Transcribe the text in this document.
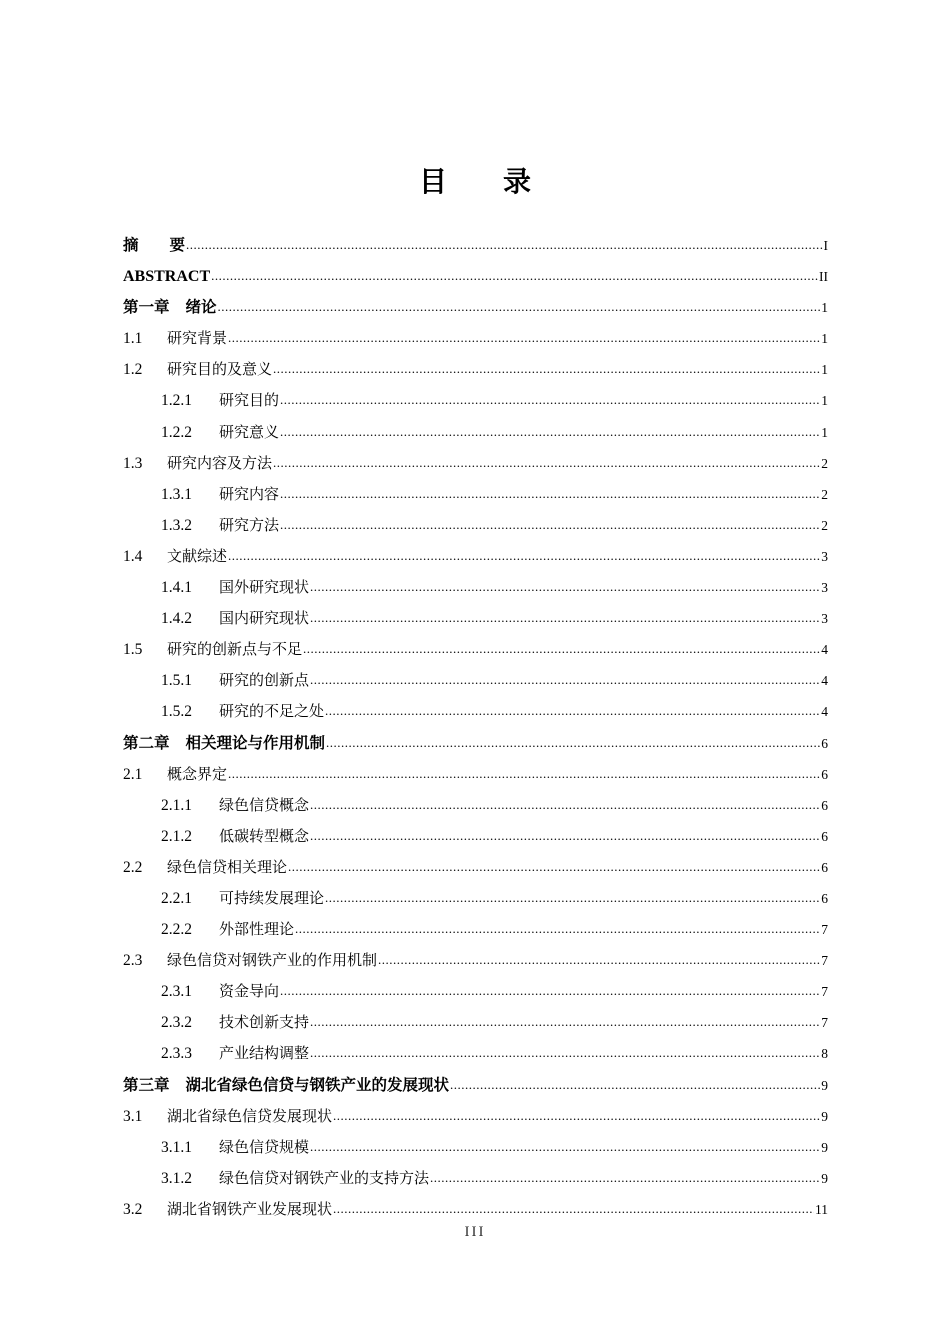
目录
摘　　要 .....	I
ABSTRACT .....	II
第一章 绪论 .....	1
1.1	研究背景 .....	1
1.2	研究目的及意义 .....	1
1.2.1	研究目的 .....	1
1.2.2	研究意义 .....	1
1.3	研究内容及方法 .....	2
1.3.1	研究内容 .....	2
1.3.2	研究方法 .....	2
1.4	文献综述 .....	3
1.4.1	国外研究现状 .....	3
1.4.2	国内研究现状 .....	3
1.5	研究的创新点与不足 .....	4
1.5.1	研究的创新点 .....	4
1.5.2	研究的不足之处 .....	4
第二章 相关理论与作用机制 .....	6
2.1	概念界定 .....	6
2.1.1	绿色信贷概念 .....	6
2.1.2	低碳转型概念 .....	6
2.2	绿色信贷相关理论 .....	6
2.2.1	可持续发展理论 .....	6
2.2.2	外部性理论 .....	7
2.3	绿色信贷对钢铁产业的作用机制 .....	7
2.3.1	资金导向 .....	7
2.3.2	技术创新支持 .....	7
2.3.3	产业结构调整 .....	8
第三章 湖北省绿色信贷与钢铁产业的发展现状 .....	9
3.1	湖北省绿色信贷发展现状 .....	9
3.1.1	绿色信贷规模 .....	9
3.1.2	绿色信贷对钢铁产业的支持方法 .....	9
3.2	湖北省钢铁产业发展现状 .....	11
III
